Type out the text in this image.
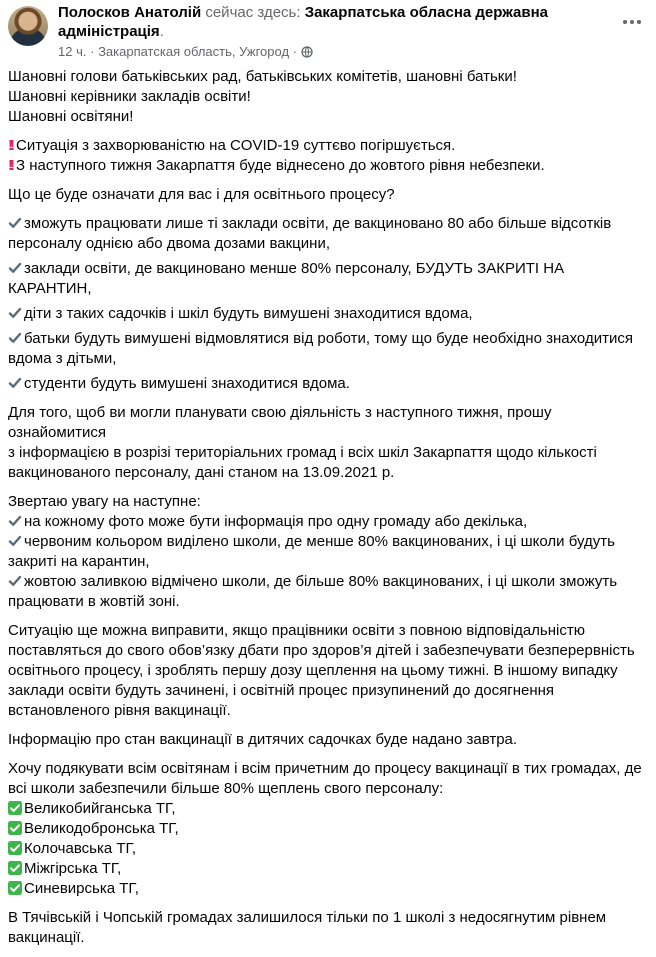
Полосков Анатолій сейчас здесь: Закарпатська обласна державна
адміністрація.
12 ч. · Закарпатская область, Ужгород ·
Шановні голови батьківських рад, батьківських комітетів, шановні батьки!
Шановні керівники закладів освіти!
Шановні освітяни!
!! Ситуація з захворюваністю на COVID-19 суттєво погіршується.
!! З наступного тижня Закарпаття буде віднесено до жовтого рівня небезпеки.
Що це буде означати для вас і для освітнього процесу?
зможуть працювати лише ті заклади освіти, де вакциновано 80 або більше відсотків
персоналу однією або двома дозами вакцини,
заклади освіти, де вакциновано менше 80% персоналу, БУДУТЬ ЗАКРИТІ НА КАРАНТИН,
діти з таких садочків і шкіл будуть вимушені знаходитися вдома,
батьки будуть вимушені відмовлятися від роботи, тому що буде необхідно знаходитися
вдома з дітьми,
студенти будуть вимушені знаходитися вдома.
Для того, щоб ви могли планувати свою діяльність з наступного тижня, прошу ознайомитися
з інформацією в розрізі територіальних громад і всіх шкіл Закарпаття щодо кількості
вакцинованого персоналу, дані станом на 13.09.2021 р.
Звертаю увагу на наступне:
на кожному фото може бути інформація про одну громаду або декілька,
червоним кольором виділено школи, де менше 80% вакцинованих, і ці школи будуть
закриті на карантин,
жовтою заливкою відмічено школи, де більше 80% вакцинованих, і ці школи зможуть
працювати в жовтій зоні.
Ситуацію ще можна виправити, якщо працівники освіти з повною відповідальністю
поставляться до свого обов’язку дбати про здоров’я дітей і забезпечувати безперервність
освітнього процесу, і зроблять першу дозу щеплення на цьому тижні. В іншому випадку
заклади освіти будуть зачинені, і освітній процес призупинений до досягнення
встановленого рівня вакцинації.
Інформацію про стан вакцинації в дитячих садочках буде надано завтра.
Хочу подякувати всім освітянам і всім причетним до процесу вакцинації в тих громадах, де
всі школи забезпечили більше 80% щеплень свого персоналу:
Великобийганська ТГ,
Великодобронська ТГ,
Колочавська ТГ,
Міжгірська ТГ,
Синевирська ТГ,
В Тячівській і Чопській громадах залишилося тільки по 1 школі з недосягнутим рівнем
вакцинації.
